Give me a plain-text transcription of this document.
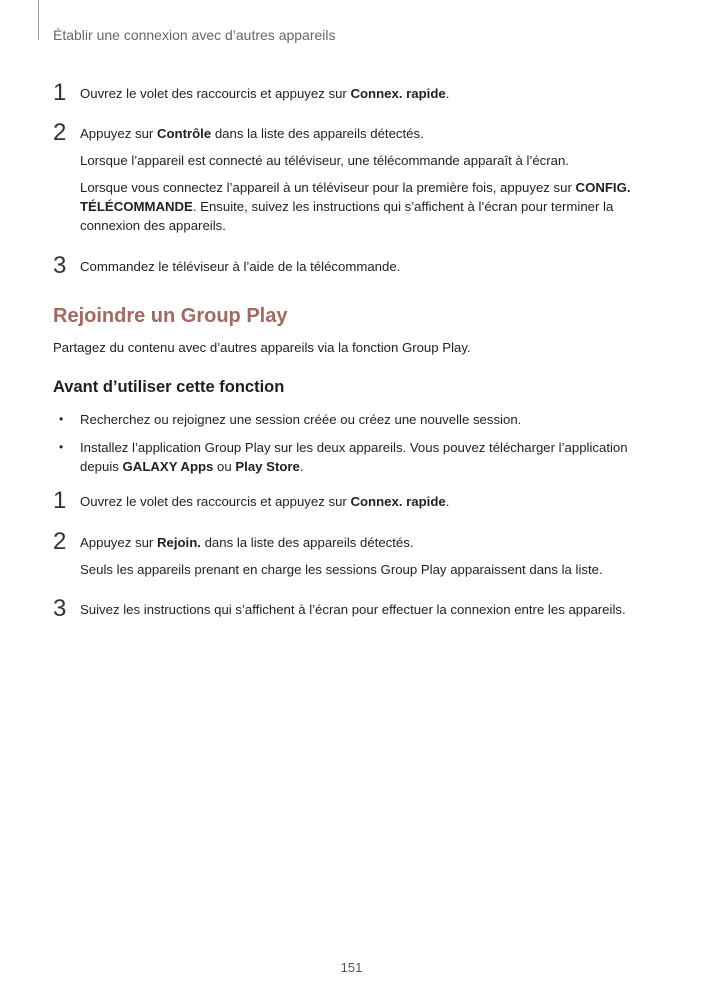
Établir une connexion avec d’autres appareils
1 Ouvrez le volet des raccourcis et appuyez sur Connex. rapide.

2 Appuyez sur Contrôle dans la liste des appareils détectés.

Lorsque l’appareil est connecté au téléviseur, une télécommande apparaît à l’écran.

Lorsque vous connectez l’appareil à un téléviseur pour la première fois, appuyez sur CONFIG. TÉLÉCOMMANDE. Ensuite, suivez les instructions qui s’affichent à l’écran pour terminer la connexion des appareils.

3 Commandez le téléviseur à l’aide de la télécommande.

Rejoindre un Group Play
Partagez du contenu avec d’autres appareils via la fonction Group Play.
Avant d’utiliser cette fonction
• Recherchez ou rejoignez une session créée ou créez une nouvelle session.
• Installez l’application Group Play sur les deux appareils. Vous pouvez télécharger l’application depuis GALAXY Apps ou Play Store.
1 Ouvrez le volet des raccourcis et appuyez sur Connex. rapide.

2 Appuyez sur Rejoin. dans la liste des appareils détectés.

Seuls les appareils prenant en charge les sessions Group Play apparaissent dans la liste.

3 Suivez les instructions qui s’affichent à l’écran pour effectuer la connexion entre les appareils.

151
